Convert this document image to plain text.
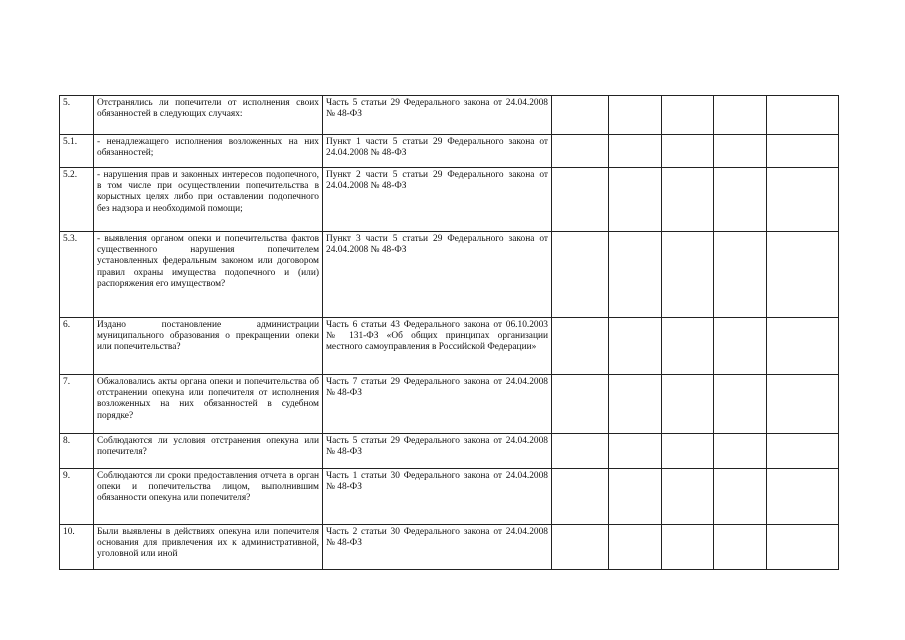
5.	Отстранялись ли попечители от исполнения своих обязанностей в следующих случаях:	Часть 5 статьи 29 Федерального закона от 24.04.2008 № 48-ФЗ					
5.1.	- ненадлежащего исполнения возложенных на них обязанностей;	Пункт 1 части 5 статьи 29 Федерального закона от 24.04.2008 № 48-ФЗ					
5.2.	- нарушения прав и законных интересов подопечного, в том числе при осуществлении попечительства в корыстных целях либо при оставлении подопечного без надзора и необходимой помощи;	Пункт 2 части 5 статьи 29 Федерального закона от 24.04.2008 № 48-ФЗ					
5.3.	- выявления органом опеки и попечительства фактов существенного нарушения попечителем установленных федеральным законом или договором правил охраны имущества подопечного и (или) распоряжения его имуществом?	Пункт 3 части 5 статьи 29 Федерального закона от 24.04.2008 № 48-ФЗ					
6.	Издано постановление администрации муниципального образования о прекращении опеки или попечительства?	Часть 6 статьи 43 Федерального закона от 06.10.2003 № 131-ФЗ «Об общих принципах организации местного самоуправления в Российской Федерации»					
7.	Обжаловались акты органа опеки и попечительства об отстранении опекуна или попечителя от исполнения возложенных на них обязанностей в судебном порядке?	Часть 7 статьи 29 Федерального закона от 24.04.2008 № 48-ФЗ					
8.	Соблюдаются ли условия отстранения опекуна или попечителя?	Часть 5 статьи 29 Федерального закона от 24.04.2008 № 48-ФЗ					
9.	Соблюдаются ли сроки предоставления отчета в орган опеки и попечительства лицом, выполнившим обязанности опекуна или попечителя?	Часть 1 статьи 30 Федерального закона от 24.04.2008 № 48-ФЗ					
10.	Были выявлены в действиях опекуна или попечителя основания для привлечения их к административной, уголовной или иной	Часть 2 статьи 30 Федерального закона от 24.04.2008 № 48-ФЗ					
